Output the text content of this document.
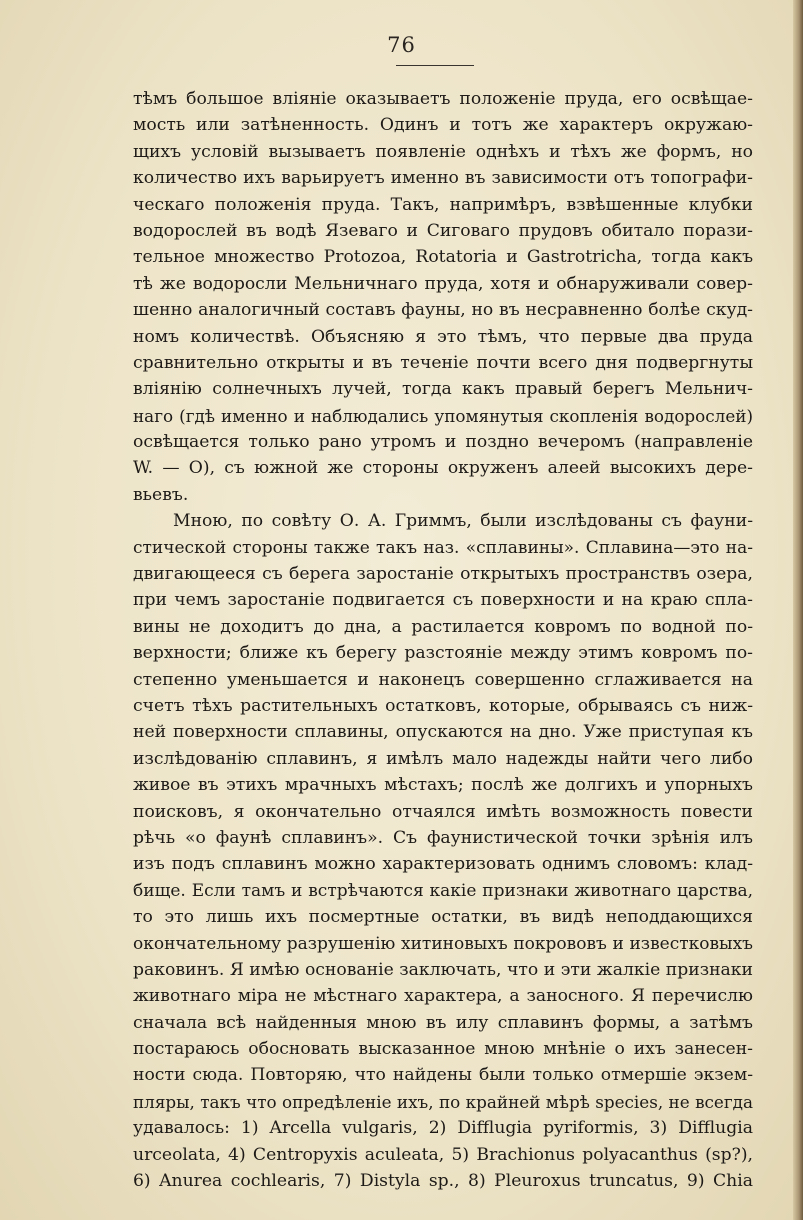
76
тѣмъ большое вліяніе оказываетъ положеніе пруда, его освѣщае-
мость или затѣненность. Одинъ и тотъ же характеръ окружаю-
щихъ условій вызываетъ появленіе однѣхъ и тѣхъ же формъ, но
количество ихъ варьируетъ именно въ зависимости отъ топографи-
ческаго положенія пруда. Такъ, напримѣръ, взвѣшенные клубки
водорослей въ водѣ Язеваго и Сиговаго прудовъ обитало порази-
тельное множество Protozoa, Rotatoria и Gastrotricha, тогда какъ
тѣ же водоросли Мельничнаго пруда, хотя и обнаруживали совер-
шенно аналогичный составъ фауны, но въ несравненно болѣе скуд-
номъ количествѣ. Объясняю я это тѣмъ, что первые два пруда
сравнительно открыты и въ теченіе почти всего дня подвергнуты
вліянію солнечныхъ лучей, тогда какъ правый берегъ Мельнич-
наго (гдѣ именно и наблюдались упомянутыя скопленія водорослей)
освѣщается только рано утромъ и поздно вечеромъ (направленіе
W. — O), съ южной же стороны окруженъ алеей высокихъ дере-
вьевъ.
Мною, по совѣту О. А. Гриммъ, были изслѣдованы съ фауни-
стической стороны также такъ наз. «сплавины». Сплавина—это на-
двигающееся съ берега заростаніе открытыхъ пространствъ озера,
при чемъ заростаніе подвигается съ поверхности и на краю спла-
вины не доходитъ до дна, а растилается ковромъ по водной по-
верхности; ближе къ берегу разстояніе между этимъ ковромъ по-
степенно уменьшается и наконецъ совершенно сглаживается на
счетъ тѣхъ растительныхъ остатковъ, которые, обрываясь съ ниж-
ней поверхности сплавины, опускаются на дно. Уже приступая къ
изслѣдованію сплавинъ, я имѣлъ мало надежды найти чего либо
живое въ этихъ мрачныхъ мѣстахъ; послѣ же долгихъ и упорныхъ
поисковъ, я окончательно отчаялся имѣть возможность повести
рѣчь «о фаунѣ сплавинъ». Съ фаунистической точки зрѣнія илъ
изъ подъ сплавинъ можно характеризовать однимъ словомъ: клад-
бище. Если тамъ и встрѣчаются какіе признаки животнаго царства,
то это лишь ихъ посмертные остатки, въ видѣ неподдающихся
окончательному разрушенію хитиновыхъ покрововъ и известковыхъ
раковинъ. Я имѣю основаніе заключать, что и эти жалкіе признаки
животнаго міра не мѣстнаго характера, а заносного. Я перечислю
сначала всѣ найденныя мною въ илу сплавинъ формы, а затѣмъ
постараюсь обосновать высказанное мною мнѣніе о ихъ занесен-
ности сюда. Повторяю, что найдены были только отмершіе экзем-
пляры, такъ что опредѣленіе ихъ, по крайней мѣрѣ species, не всегда
удавалось: 1) Arcella vulgaris, 2) Difflugia pyriformis, 3) Difflugia
urceolata, 4) Centropyxis aculeata, 5) Brachionus polyacanthus (sp?),
6) Anurea cochlearis, 7) Distyla sp., 8) Pleuroxus truncatus, 9) Chia
